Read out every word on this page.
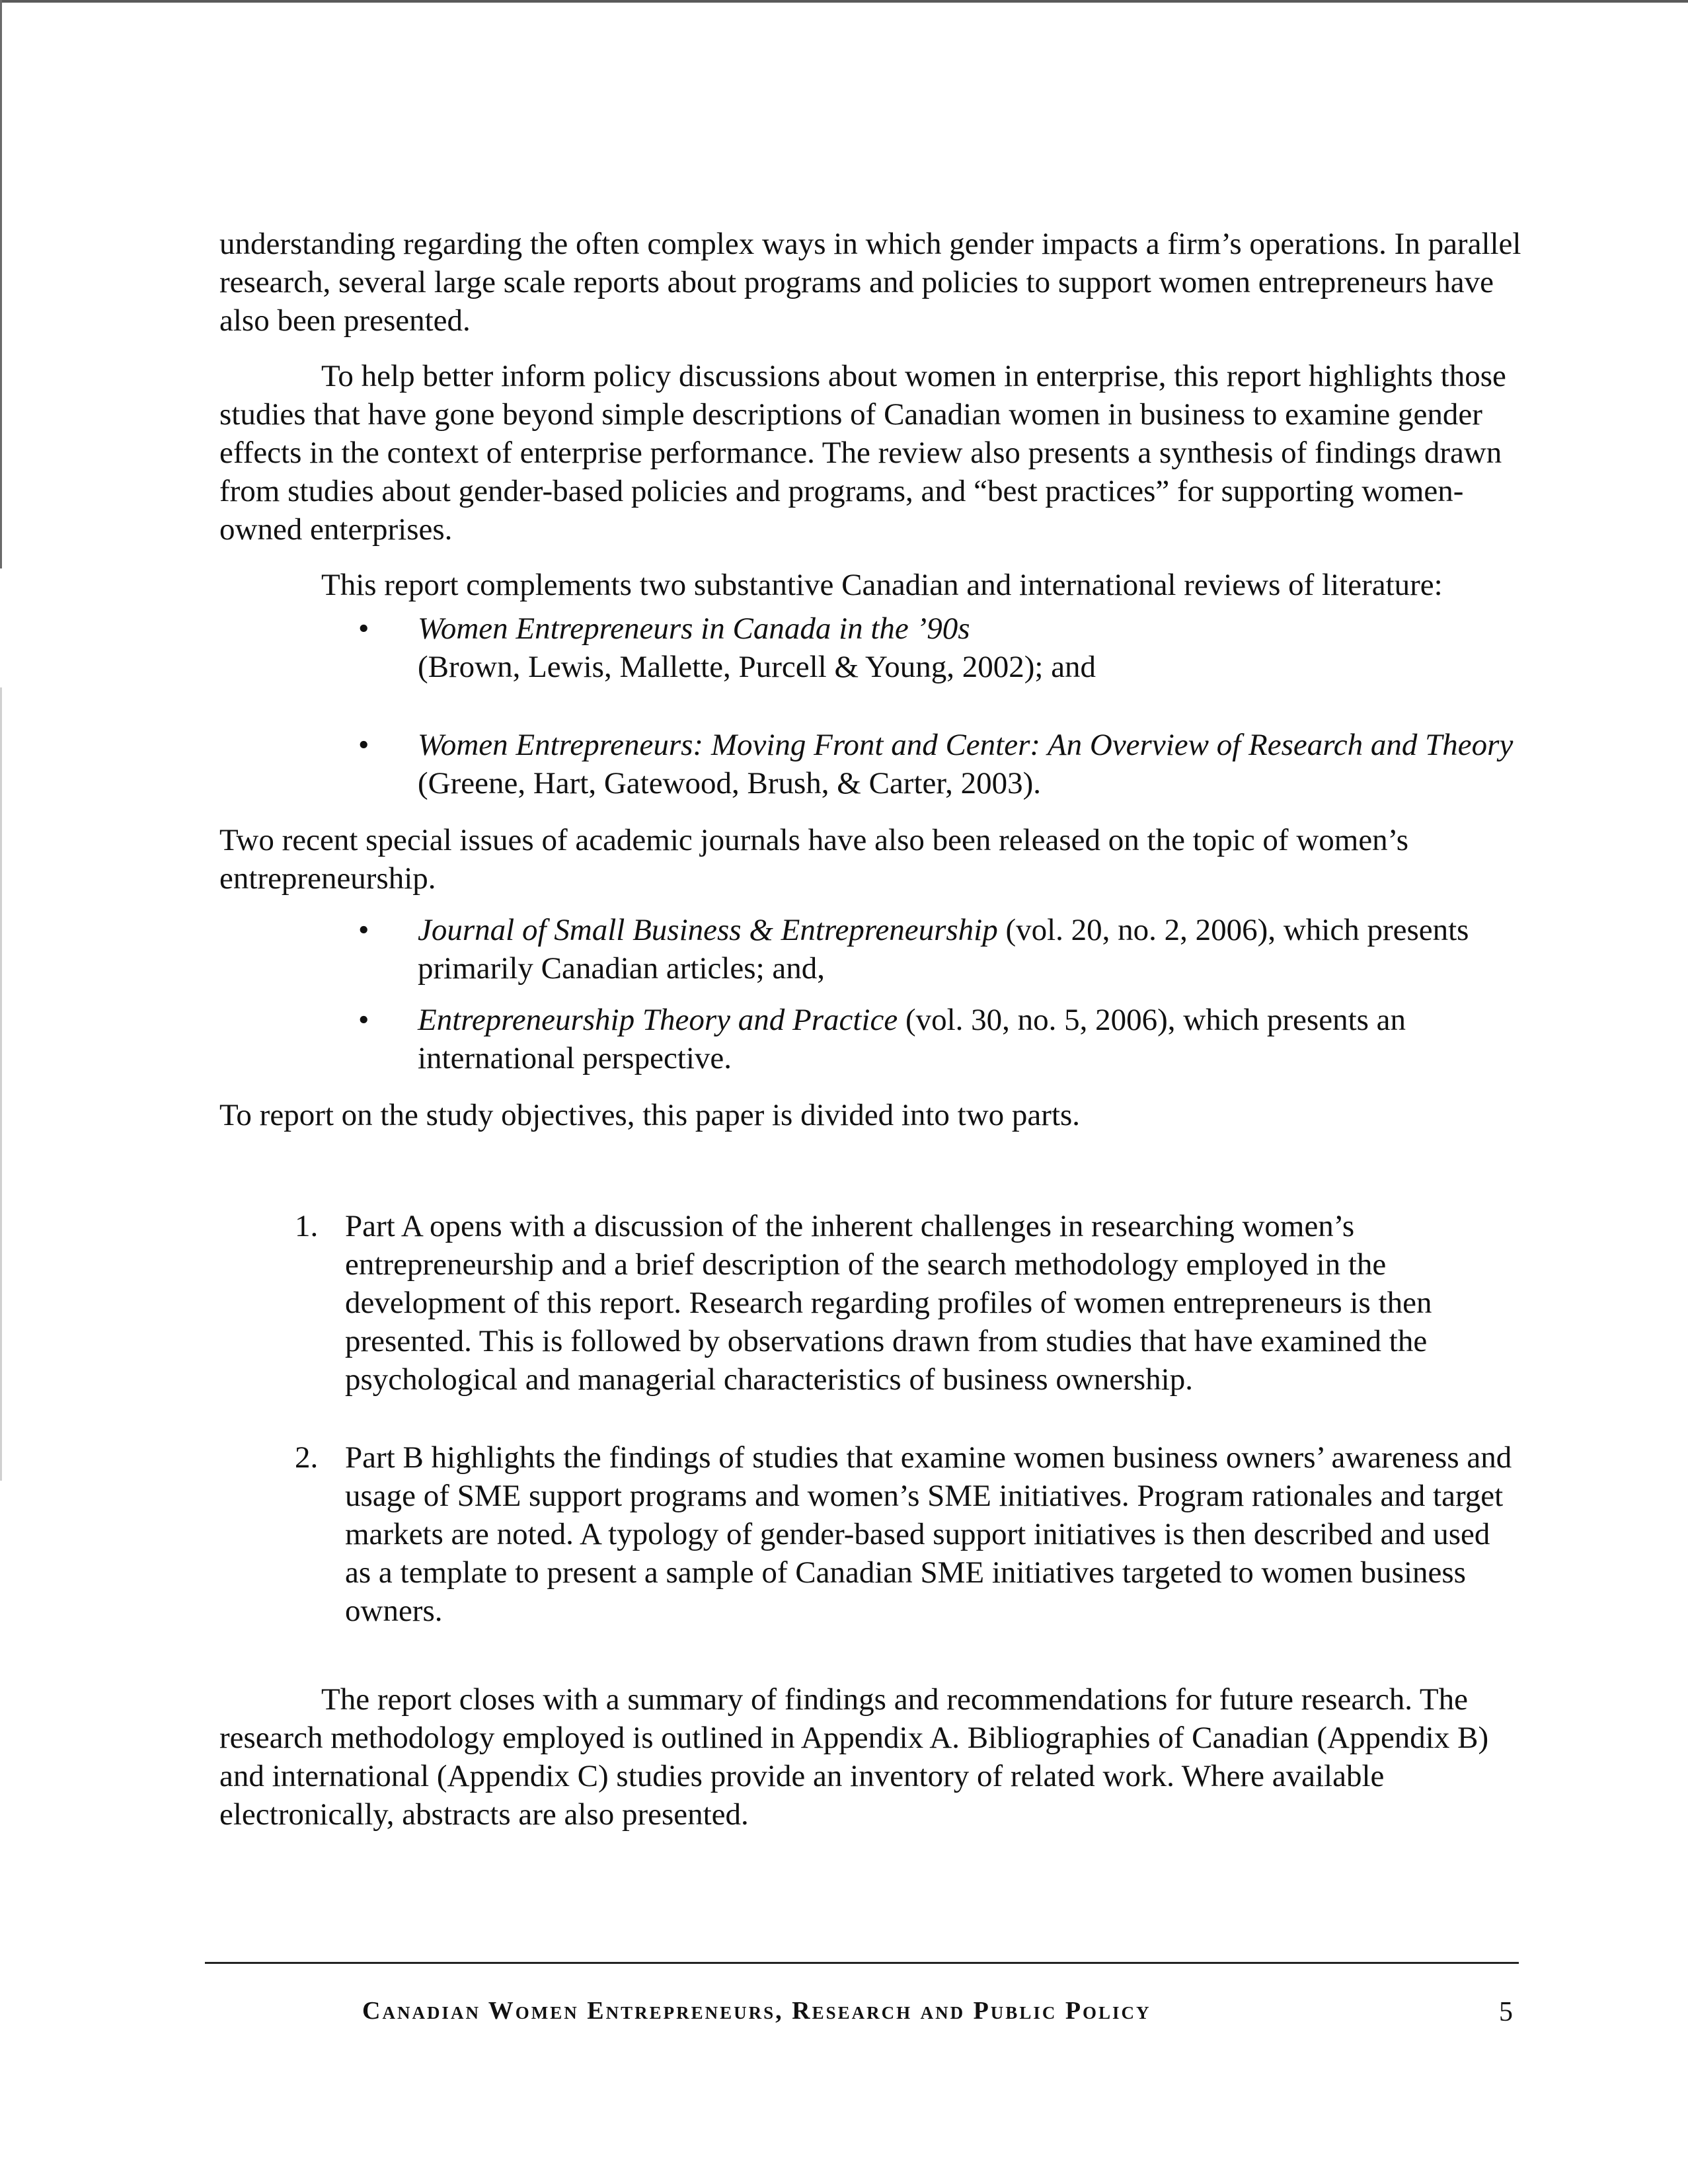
understanding regarding the often complex ways in which gender impacts a firm’s operations. In parallel research, several large scale reports about programs and policies to support women entrepreneurs have also been presented.

To help better inform policy discussions about women in enterprise, this report highlights those studies that have gone beyond simple descriptions of Canadian women in business to examine gender effects in the context of enterprise performance. The review also presents a synthesis of findings drawn from studies about gender-based policies and programs, and “best practices” for supporting women-owned enterprises.

This report complements two substantive Canadian and international reviews of literature:

• Women Entrepreneurs in Canada in the ’90s
(Brown, Lewis, Mallette, Purcell & Young, 2002); and
• Women Entrepreneurs: Moving Front and Center: An Overview of Research and Theory (Greene, Hart, Gatewood, Brush, & Carter, 2003).

Two recent special issues of academic journals have also been released on the topic of women’s entrepreneurship.

• Journal of Small Business & Entrepreneurship (vol. 20, no. 2, 2006), which presents primarily Canadian articles; and,
• Entrepreneurship Theory and Practice (vol. 30, no. 5, 2006), which presents an international perspective.

To report on the study objectives, this paper is divided into two parts.

1. Part A opens with a discussion of the inherent challenges in researching women’s entrepreneurship and a brief description of the search methodology employed in the development of this report. Research regarding profiles of women entrepreneurs is then presented. This is followed by observations drawn from studies that have examined the psychological and managerial characteristics of business ownership.
2. Part B highlights the findings of studies that examine women business owners’ awareness and usage of SME support programs and women’s SME initiatives. Program rationales and target markets are noted. A typology of gender-based support initiatives is then described and used as a template to present a sample of Canadian SME initiatives targeted to women business owners.

The report closes with a summary of findings and recommendations for future research. The research methodology employed is outlined in Appendix A. Bibliographies of Canadian (Appendix B) and international (Appendix C) studies provide an inventory of related work. Where available electronically, abstracts are also presented.

Canadian Women Entrepreneurs, Research and Public Policy	5
